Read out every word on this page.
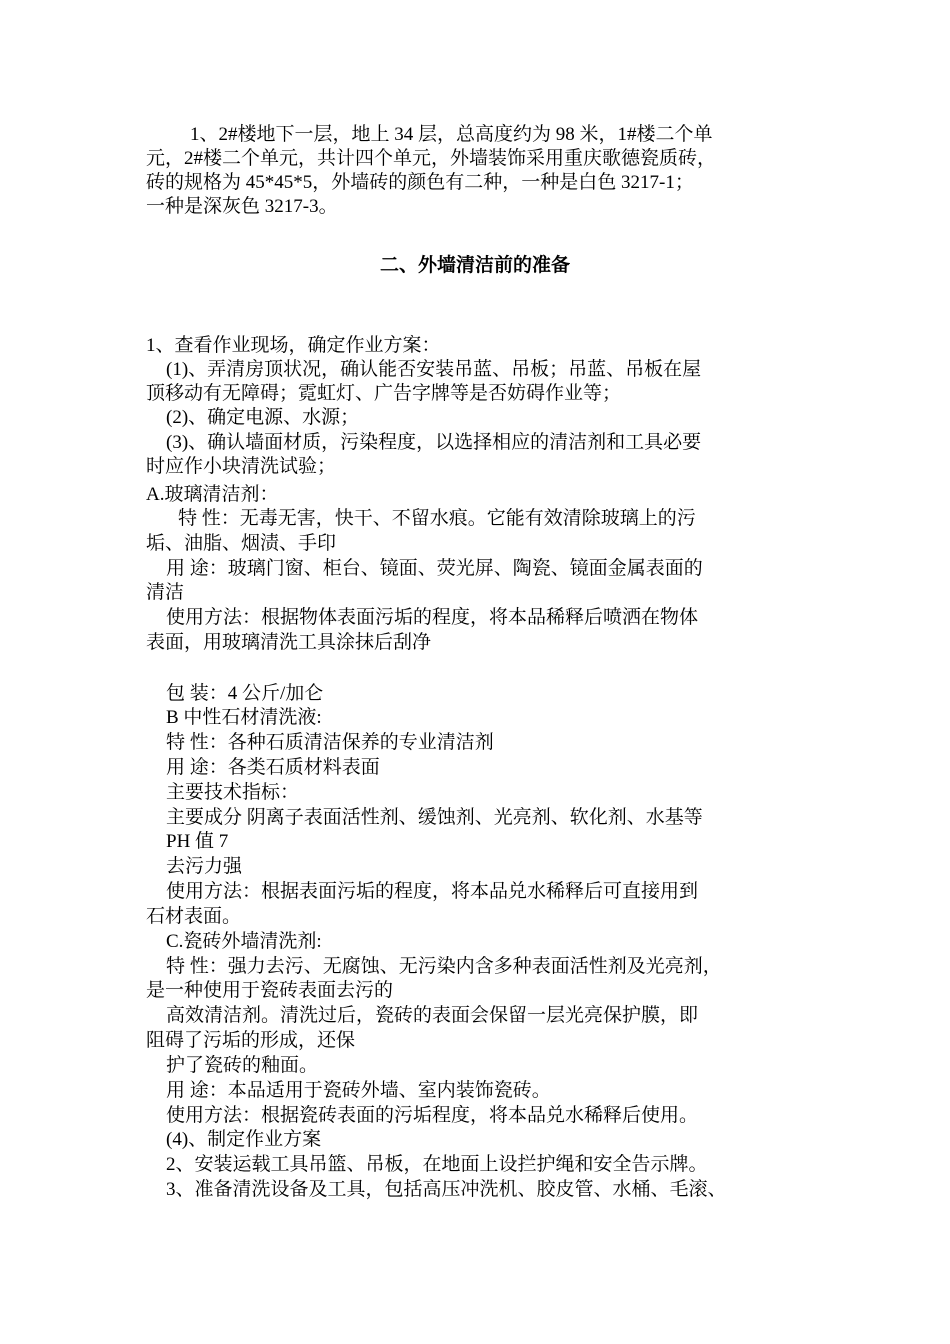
1、2#楼地下一层，地上 34 层，总高度约为 98 米，1#楼二个单

元，2#楼二个单元，共计四个单元，外墙装饰采用重庆歌德瓷质砖，

砖的规格为 45*45*5，外墙砖的颜色有二种，一种是白色 3217-1；

一种是深灰色 3217-3。

二、外墙清洁前的准备

1、查看作业现场，确定作业方案：

(1)、弄清房顶状况，确认能否安装吊蓝、吊板；吊蓝、吊板在屋

顶移动有无障碍；霓虹灯、广告字牌等是否妨碍作业等；

(2)、确定电源、水源；

(3)、确认墙面材质，污染程度，以选择相应的清洁剂和工具必要

时应作小块清洗试验；

A.玻璃清洁剂：

特 性：无毒无害，快干、不留水痕。它能有效清除玻璃上的污

垢、油脂、烟渍、手印

用 途：玻璃门窗、柜台、镜面、荧光屏、陶瓷、镜面金属表面的

清洁

使用方法：根据物体表面污垢的程度，将本品稀释后喷洒在物体

表面，用玻璃清洗工具涂抹后刮净

包 装：4 公斤/加仑

B 中性石材清洗液:

特 性：各种石质清洁保养的专业清洁剂

用 途：各类石质材料表面

主要技术指标：

主要成分 阴离子表面活性剂、缓蚀剂、光亮剂、软化剂、水基等

PH 值 7

去污力强

使用方法：根据表面污垢的程度，将本品兑水稀释后可直接用到

石材表面。

C.瓷砖外墙清洗剂:

特 性：强力去污、无腐蚀、无污染内含多种表面活性剂及光亮剂，

是一种使用于瓷砖表面去污的

高效清洁剂。清洗过后，瓷砖的表面会保留一层光亮保护膜，即

阻碍了污垢的形成，还保

护了瓷砖的釉面。

用 途：本品适用于瓷砖外墙、室内装饰瓷砖。

使用方法：根据瓷砖表面的污垢程度，将本品兑水稀释后使用。

(4)、制定作业方案

2、安装运载工具吊篮、吊板，在地面上设拦护绳和安全告示牌。

3、准备清洗设备及工具，包括高压冲洗机、胶皮管、水桶、毛滚、
